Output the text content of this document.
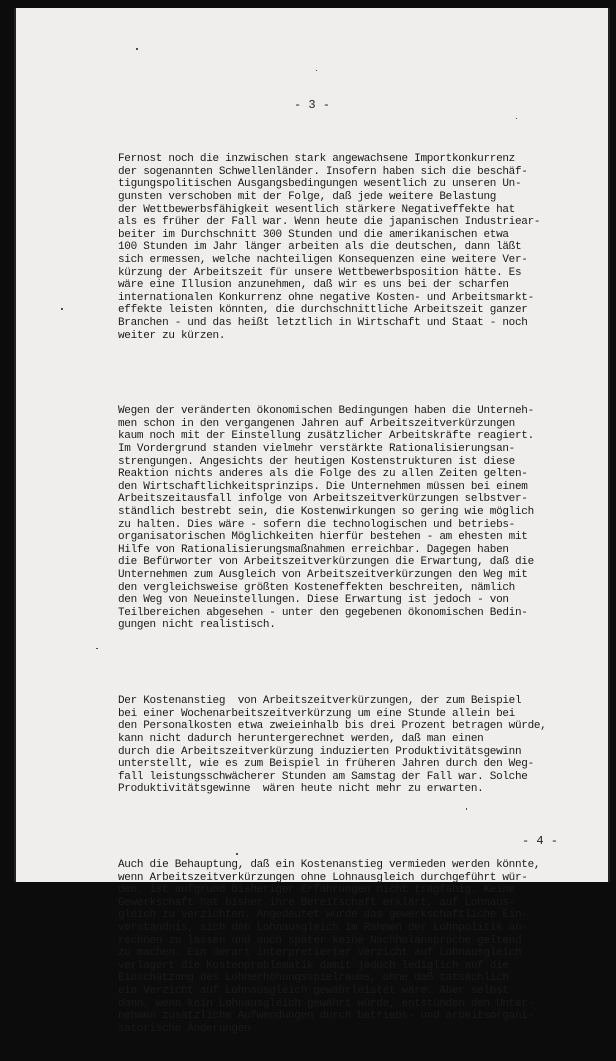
- 3 -

Fernost noch die inzwischen stark angewachsene Importkonkurrenz
der sogenannten Schwellenländer. Insofern haben sich die beschäf-
tigungspolitischen Ausgangsbedingungen wesentlich zu unseren Un-
gunsten verschoben mit der Folge, daß jede weitere Belastung
der Wettbewerbsfähigkeit wesentlich stärkere Negativeffekte hat
als es früher der Fall war. Wenn heute die japanischen Industriear-
beiter im Durchschnitt 300 Stunden und die amerikanischen etwa
100 Stunden im Jahr länger arbeiten als die deutschen, dann läßt
sich ermessen, welche nachteiligen Konsequenzen eine weitere Ver-
kürzung der Arbeitszeit für unsere Wettbewerbsposition hätte. Es
wäre eine Illusion anzunehmen, daß wir es uns bei der scharfen
internationalen Konkurrenz ohne negative Kosten- und Arbeitsmarkt-
effekte leisten könnten, die durchschnittliche Arbeitszeit ganzer
Branchen - und das heißt letztlich in Wirtschaft und Staat - noch
weiter zu kürzen.

Wegen der veränderten ökonomischen Bedingungen haben die Unterneh-
men schon in den vergangenen Jahren auf Arbeitszeitverkürzungen
kaum noch mit der Einstellung zusätzlicher Arbeitskräfte reagiert.
Im Vordergrund standen vielmehr verstärkte Rationalisierungsan-
strengungen. Angesichts der heutigen Kostenstrukturen ist diese
Reaktion nichts anderes als die Folge des zu allen Zeiten gelten-
den Wirtschaftlichkeitsprinzips. Die Unternehmen müssen bei einem
Arbeitszeitausfall infolge von Arbeitszeitverkürzungen selbstver-
ständlich bestrebt sein, die Kostenwirkungen so gering wie möglich
zu halten. Dies wäre - sofern die technologischen und betriebs-
organisatorischen Möglichkeiten hierfür bestehen - am ehesten mit
Hilfe von Rationalisierungsmaßnahmen erreichbar. Dagegen haben
die Befürworter von Arbeitszeitverkürzungen die Erwartung, daß die
Unternehmen zum Ausgleich von Arbeitszeitverkürzungen den Weg mit
den vergleichsweise größten Kosteneffekten beschreiten, nämlich
den Weg von Neueinstellungen. Diese Erwartung ist jedoch - von
Teilbereichen abgesehen - unter den gegebenen ökonomischen Bedin-
gungen nicht realistisch.

Der Kostenanstieg  von Arbeitszeitverkürzungen, der zum Beispiel
bei einer Wochenarbeitszeitverkürzung um eine Stunde allein bei
den Personalkosten etwa zweieinhalb bis drei Prozent betragen würde,
kann nicht dadurch heruntergerechnet werden, daß man einen
durch die Arbeitszeitverkürzung induzierten Produktivitätsgewinn
unterstellt, wie es zum Beispiel in früheren Jahren durch den Weg-
fall leistungsschwächerer Stunden am Samstag der Fall war. Solche
Produktivitätsgewinne  wären heute nicht mehr zu erwarten.

Auch die Behauptung, daß ein Kostenanstieg vermieden werden könnte,
wenn Arbeitszeitverkürzungen ohne Lohnausgleich durchgeführt wür-
den, ist aufgrund bisheriger Erfahrungen nicht tragfähig. Keine
Gewerkschaft hat bisher ihre Bereitschaft erklärt, auf Lohnaus-
gleich zu verzichten. Angedeutet wurde das gewerkschaftliche Ein-
verständnis, sich den Lohnausgleich im Rahmen der Lohnpolitik an-
rechnen zu lassen und auch später keine Nachholansprüche geltend
zu machen. Ein derart interpretierter Verzicht auf Lohnausgleich
verlagert die Kostenproblematik damit jedoch lediglich auf die
Einschätzung des Lohnerhöhungsspielraums, ohne daß tatsächlich
ein Verzicht auf Lohnausgleich gewährleistet wäre. Aber selbst
dann, wenn kein Lohnausgleich gewährt würde, entstünden den Unter-
nehmen zusätzliche Aufwendungen durch betriebs- und arbeitsorgani-
satorische Änderungen

- 4 -
